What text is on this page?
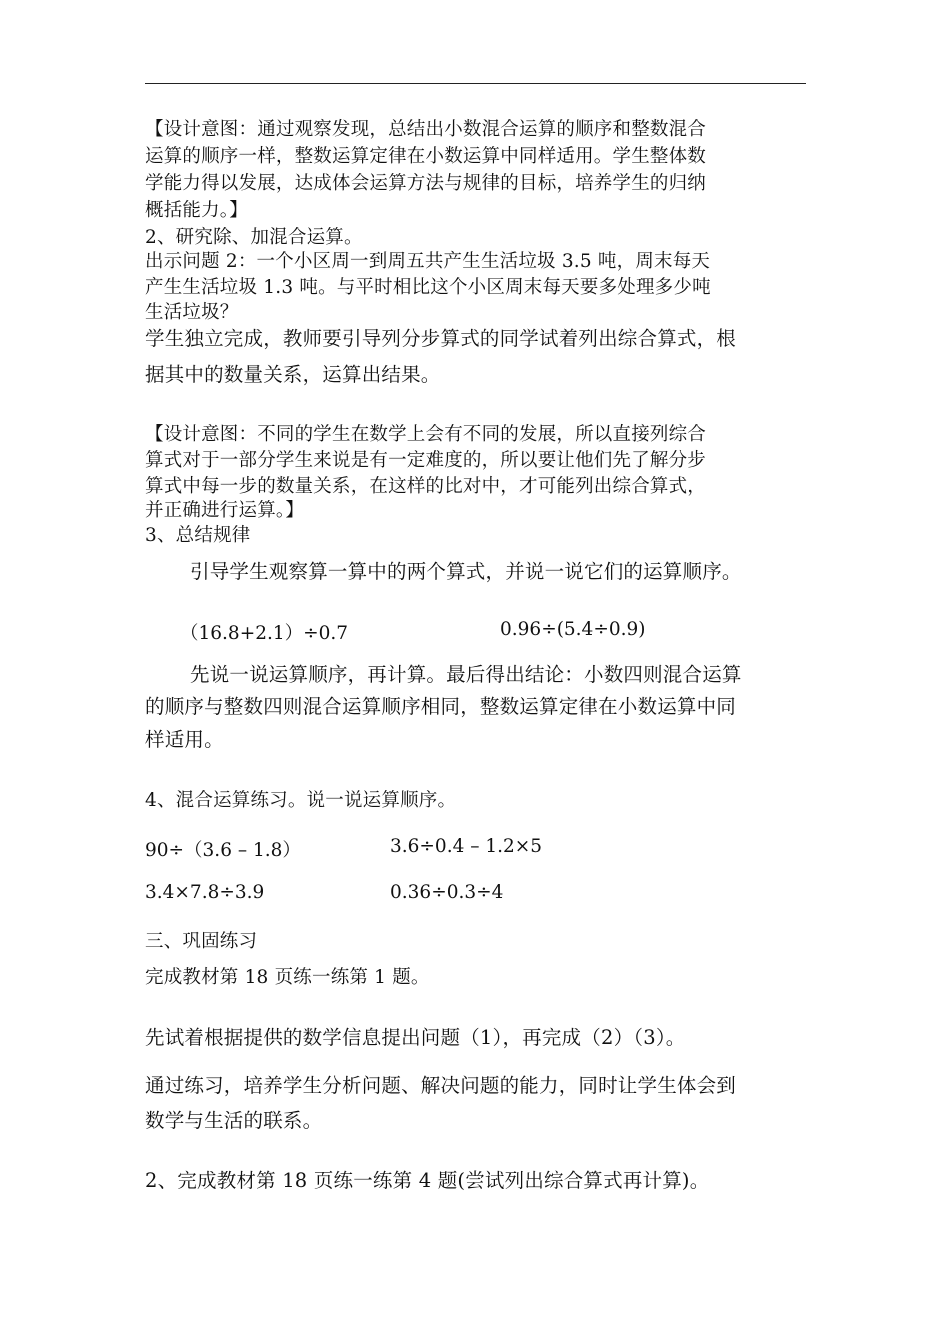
【设计意图：通过观察发现，总结出小数混合运算的顺序和整数混合
运算的顺序一样，整数运算定律在小数运算中同样适用。学生整体数
学能力得以发展，达成体会运算方法与规律的目标，培养学生的归纳
概括能力。】
2、研究除、加混合运算。
出示问题 2：一个小区周一到周五共产生生活垃圾 3.5 吨，周末每天
产生生活垃圾 1.3 吨。与平时相比这个小区周末每天要多处理多少吨
生活垃圾？
学生独立完成，教师要引导列分步算式的同学试着列出综合算式，根
据其中的数量关系，运算出结果。
【设计意图：不同的学生在数学上会有不同的发展，所以直接列综合
算式对于一部分学生来说是有一定难度的，所以要让他们先了解分步
算式中每一步的数量关系，在这样的比对中，才可能列出综合算式，
并正确进行运算。】
3、总结规律
引导学生观察算一算中的两个算式，并说一说它们的运算顺序。
（16.8+2.1）÷0.7	0.96÷(5.4÷0.9)
先说一说运算顺序，再计算。最后得出结论：小数四则混合运算
的顺序与整数四则混合运算顺序相同，整数运算定律在小数运算中同
样适用。
4、混合运算练习。说一说运算顺序。
90÷（3.6 – 1.8）	3.6÷0.4 – 1.2×5
3.4×7.8÷3.9	0.36÷0.3÷4
三、巩固练习
完成教材第 18 页练一练第 1 题。
先试着根据提供的数学信息提出问题（1），再完成（2）（3）。
通过练习，培养学生分析问题、解决问题的能力，同时让学生体会到
数学与生活的联系。
2、完成教材第 18 页练一练第 4 题(尝试列出综合算式再计算)。
